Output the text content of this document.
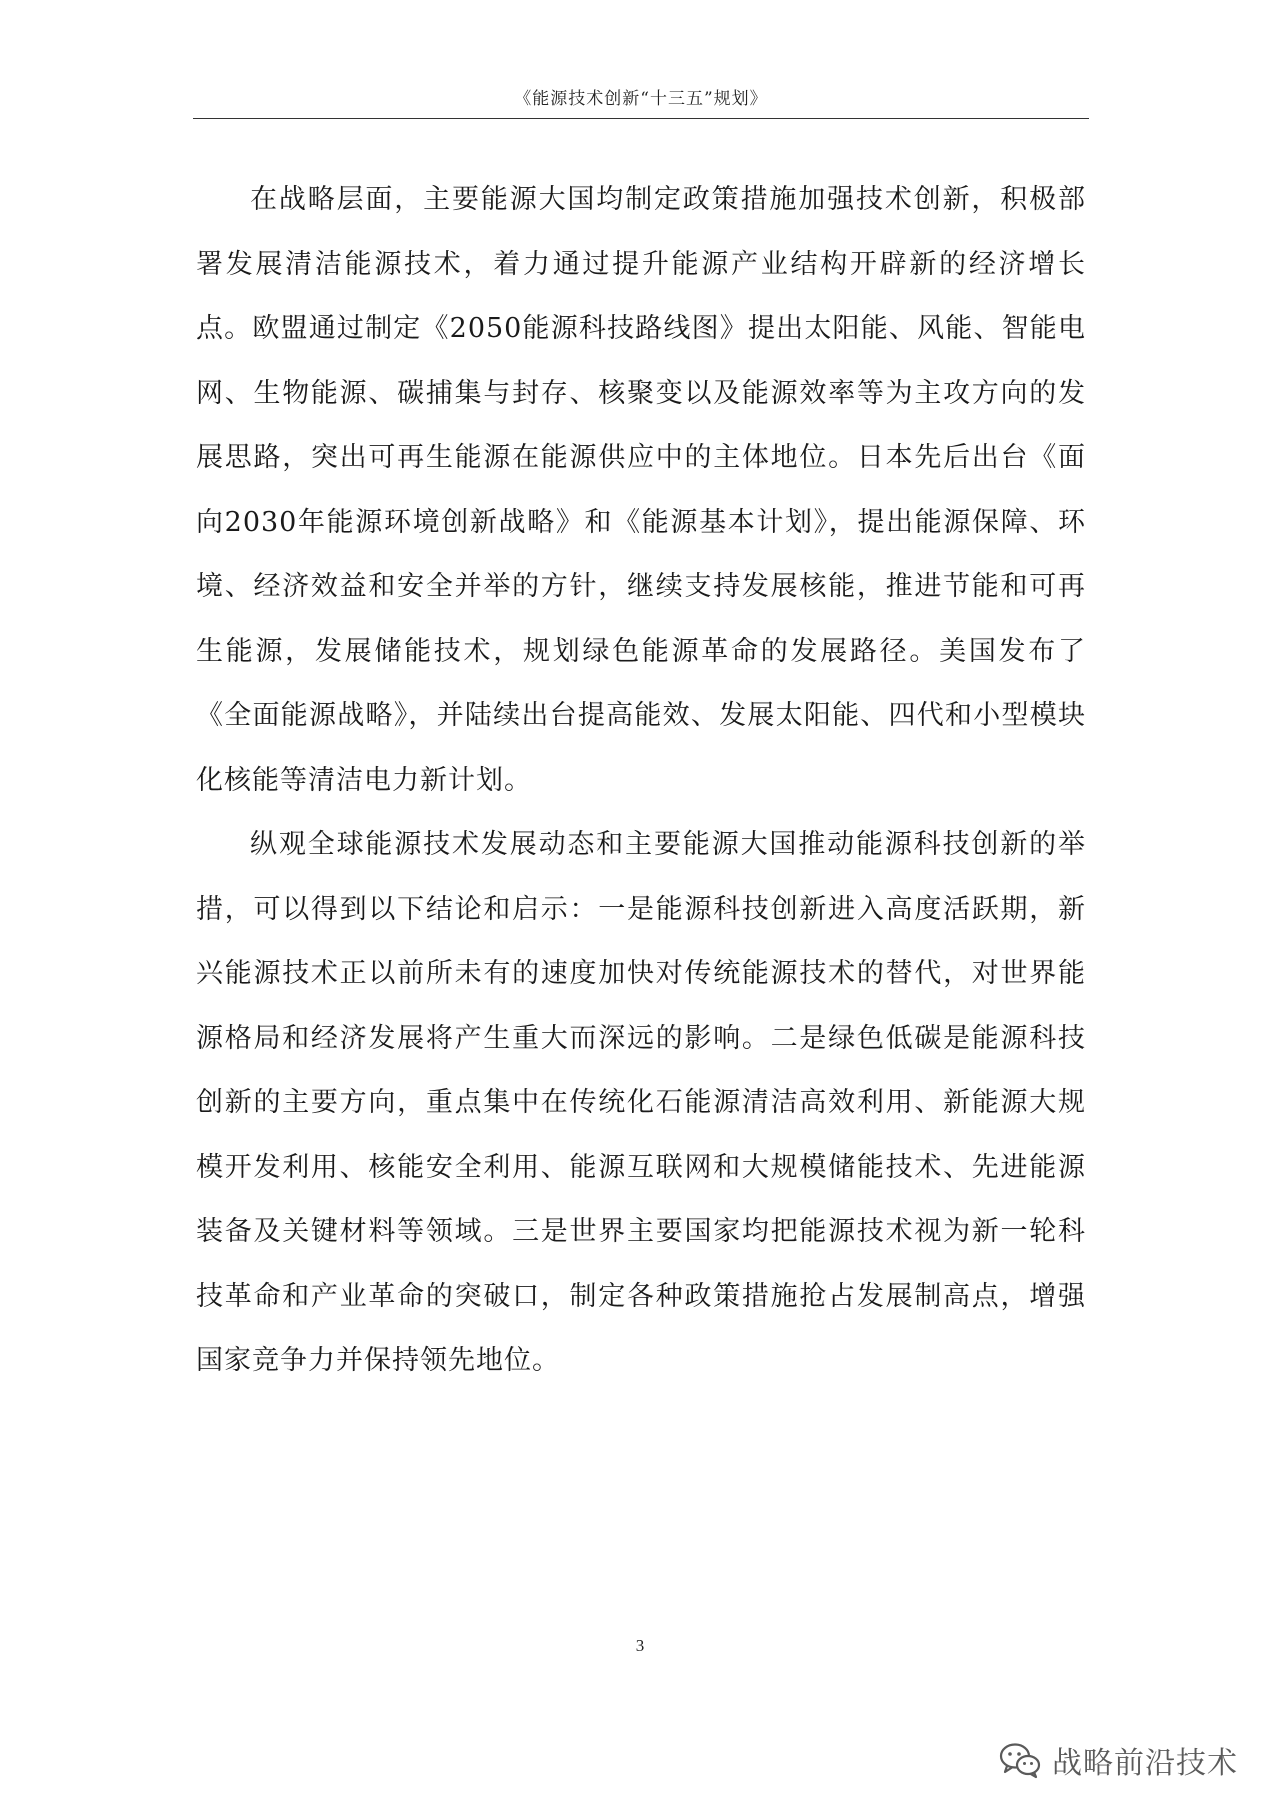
《能源技术创新“十三五”规划》

在战略层面，主要能源大国均制定政策措施加强技术创新，积极部署发展清洁能源技术，着力通过提升能源产业结构开辟新的经济增长点。欧盟通过制定《2050能源科技路线图》提出太阳能、风能、智能电网、生物能源、碳捕集与封存、核聚变以及能源效率等为主攻方向的发展思路，突出可再生能源在能源供应中的主体地位。日本先后出台《面向2030年能源环境创新战略》和《能源基本计划》，提出能源保障、环境、经济效益和安全并举的方针，继续支持发展核能，推进节能和可再生能源，发展储能技术，规划绿色能源革命的发展路径。美国发布了《全面能源战略》，并陆续出台提高能效、发展太阳能、四代和小型模块化核能等清洁电力新计划。

纵观全球能源技术发展动态和主要能源大国推动能源科技创新的举措，可以得到以下结论和启示：一是能源科技创新进入高度活跃期，新兴能源技术正以前所未有的速度加快对传统能源技术的替代，对世界能源格局和经济发展将产生重大而深远的影响。二是绿色低碳是能源科技创新的主要方向，重点集中在传统化石能源清洁高效利用、新能源大规模开发利用、核能安全利用、能源互联网和大规模储能技术、先进能源装备及关键材料等领域。三是世界主要国家均把能源技术视为新一轮科技革命和产业革命的突破口，制定各种政策措施抢占发展制高点，增强国家竞争力并保持领先地位。

3
战略前沿技术
